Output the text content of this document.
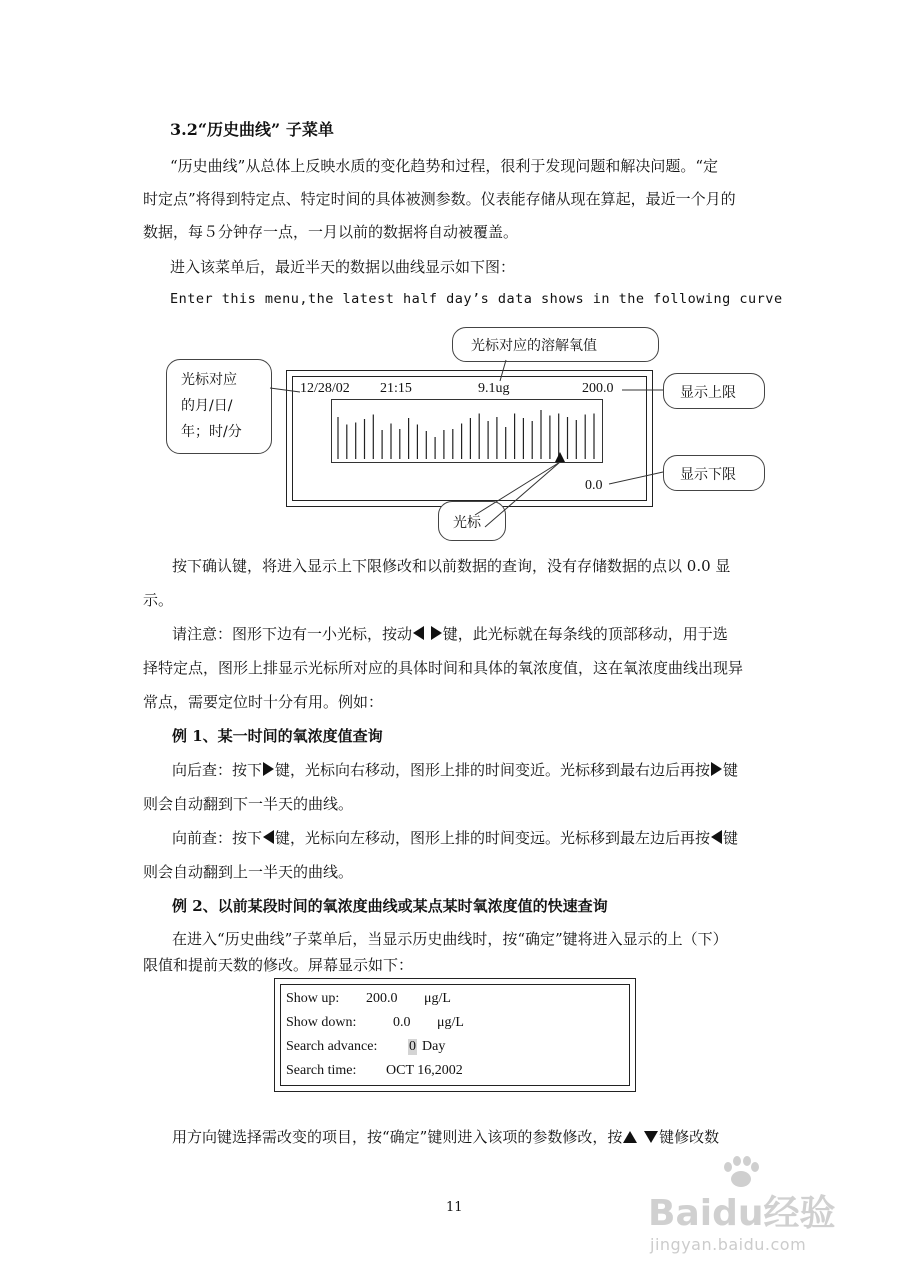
3.2“历史曲线” 子菜单
“历史曲线”从总体上反映水质的变化趋势和过程，很利于发现问题和解决问题。“定
时定点”将得到特定点、特定时间的具体被测参数。仪表能存储从现在算起，最近一个月的
数据，每５分钟存一点，一月以前的数据将自动被覆盖。
进入该菜单后，最近半天的数据以曲线显示如下图：
Enter this menu,the latest half day’s data shows in the following curve
12/28/02 21:15	9.1ug	200.0
0.0
光标对应的溶解氧值
光标对应
的月/日/
年；时/分
显示上限
显示下限
光标
按下确认键，将进入显示上下限修改和以前数据的查询，没有存储数据的点以 0.0 显
示。
请注意：图形下边有一小光标，按动 键，此光标就在每条线的顶部移动，用于选
择特定点，图形上排显示光标所对应的具体时间和具体的氧浓度值，这在氧浓度曲线出现异
常点，需要定位时十分有用。例如：
例 1、某一时间的氧浓度值查询
向后查：按下 键，光标向右移动，图形上排的时间变近。光标移到最右边后再按 键
则会自动翻到下一半天的曲线。
向前查：按下 键，光标向左移动，图形上排的时间变远。光标移到最左边后再按 键
则会自动翻到上一半天的曲线。
例 2、以前某段时间的氧浓度曲线或某点某时氧浓度值的快速查询
在进入“历史曲线”子菜单后，当显示历史曲线时，按“确定”键将进入显示的上（下）
限值和提前天数的修改。屏幕显示如下：
Show up: 200.0 μg/L
Show down:	0.0 μg/L
Search advance: 0 Day
Search time: OCT 16,2002
用方向键选择需改变的项目，按“确定”键则进入该项的参数修改，按 键修改数
11	Baidu经验
jingyan.baidu.com
